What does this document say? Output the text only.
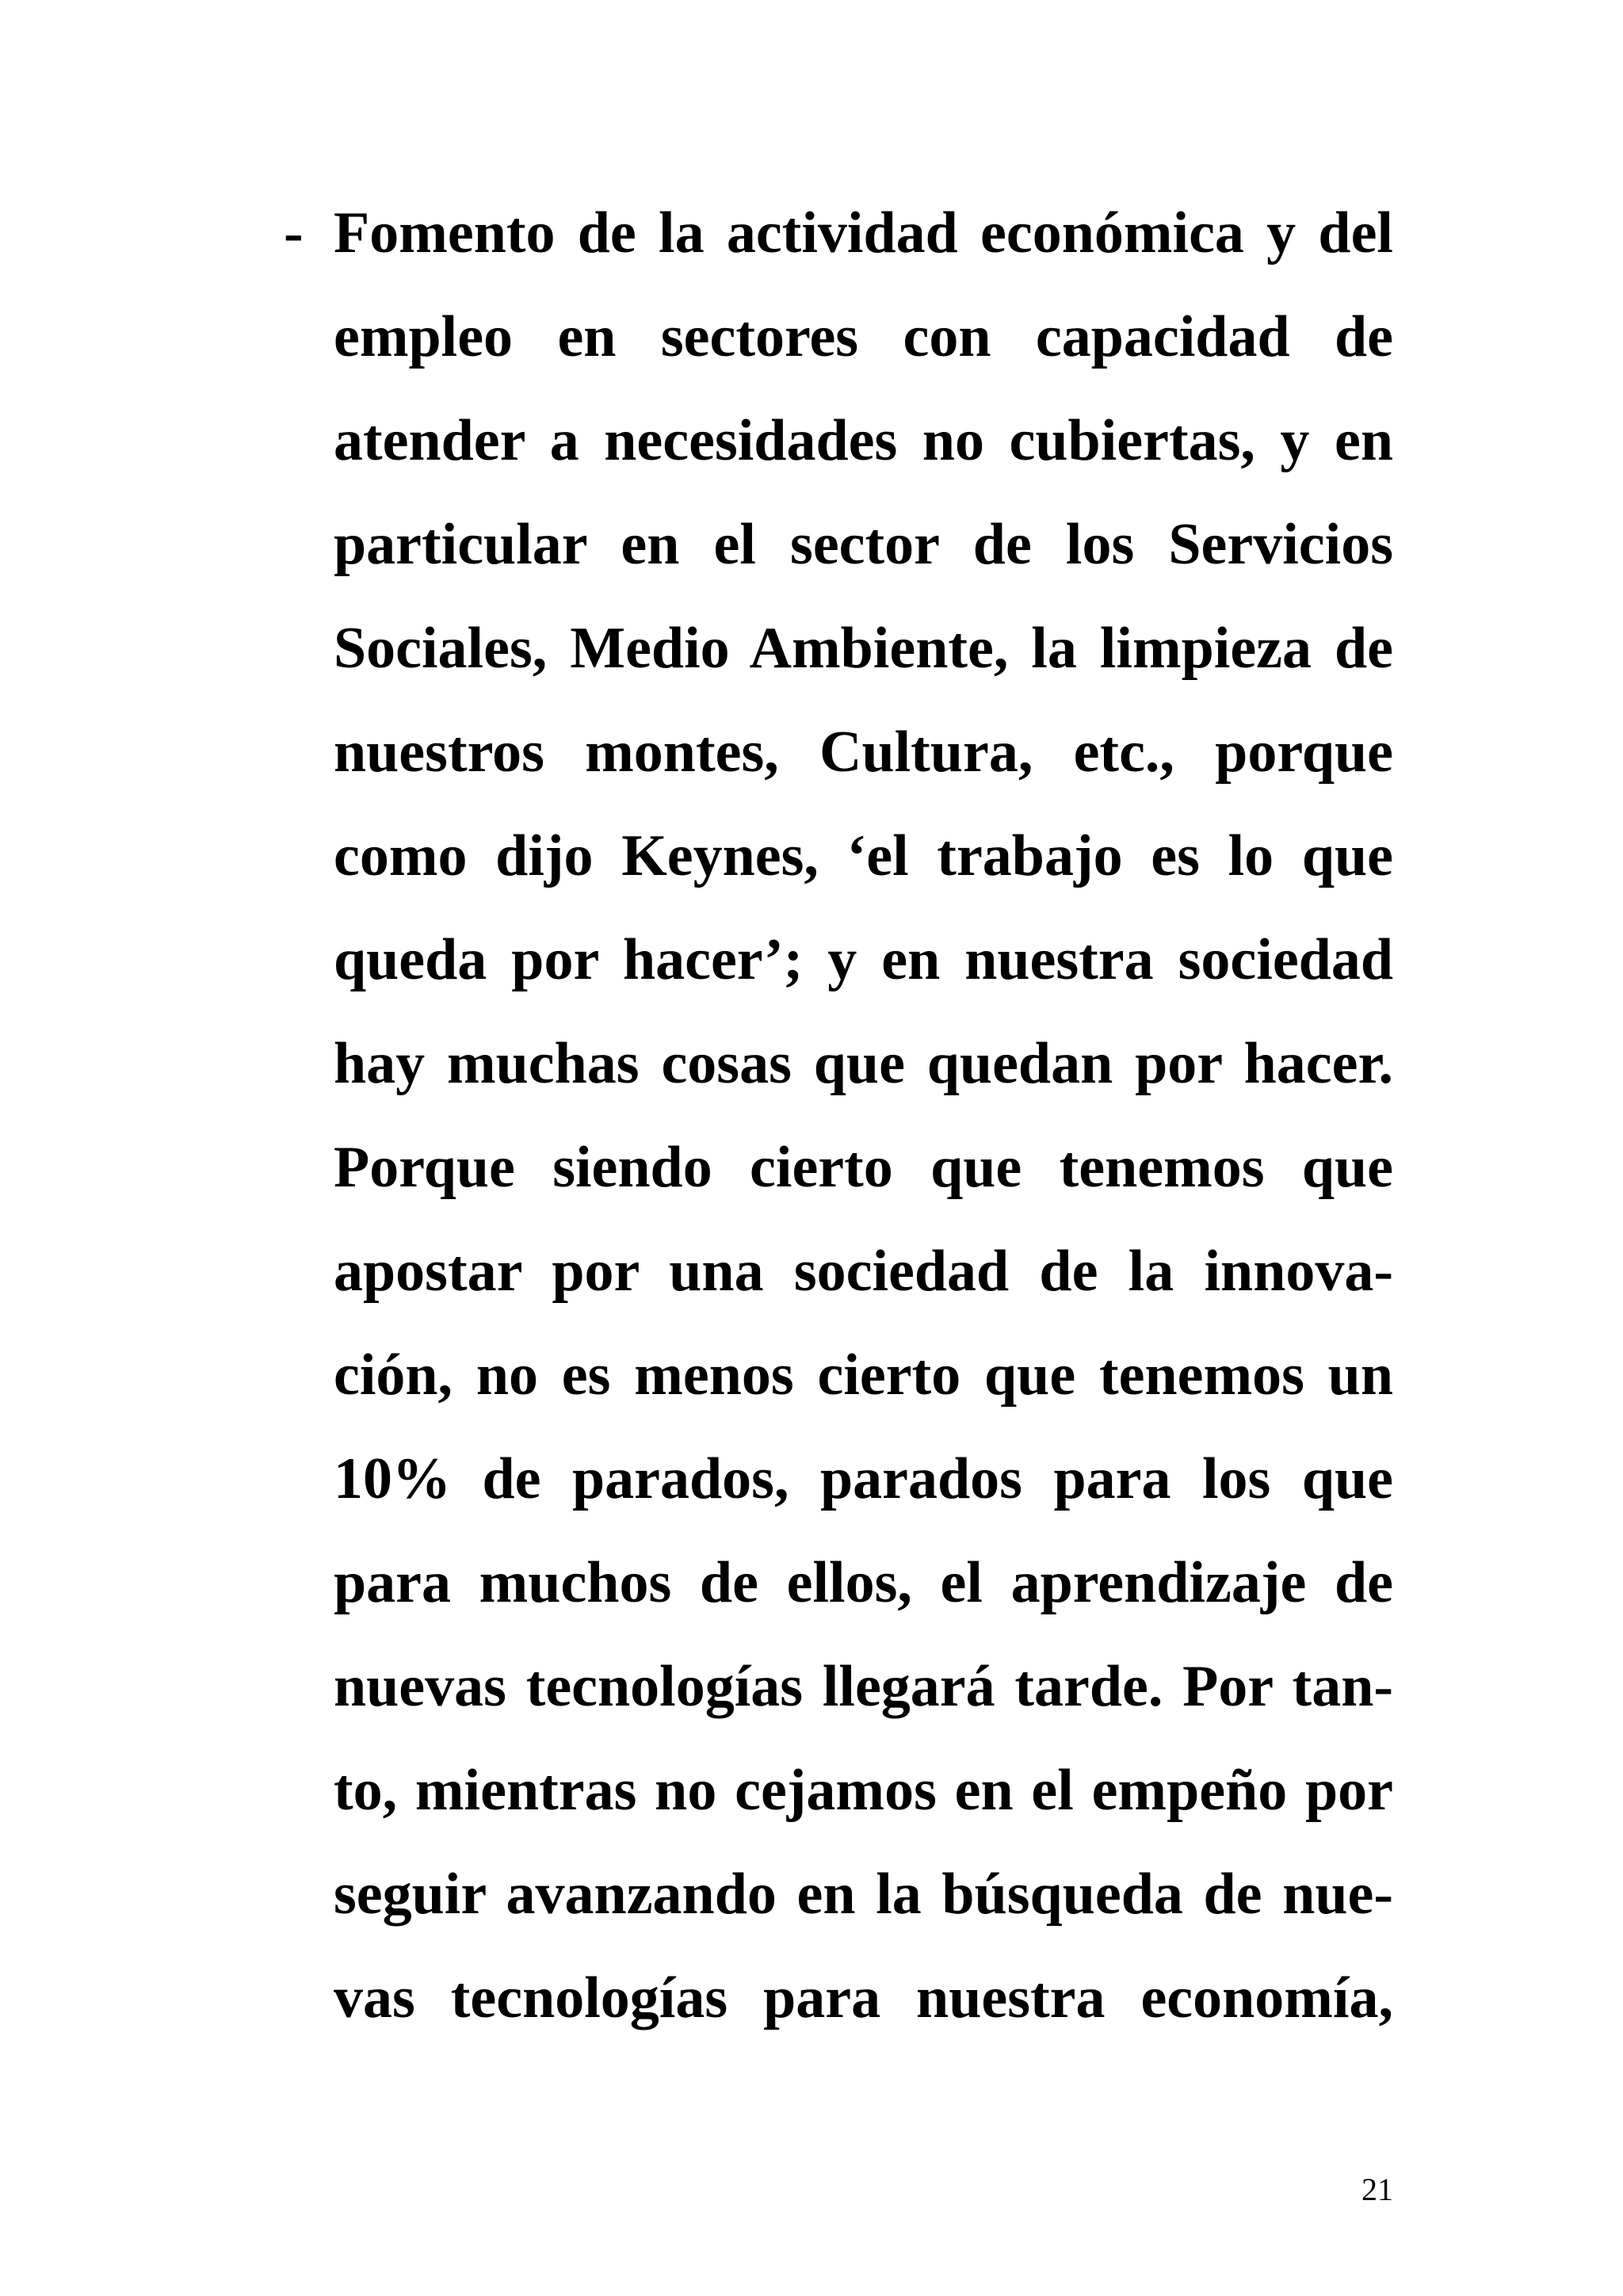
- Fomento de la actividad económica y del
empleo en sectores con capacidad de
atender a necesidades no cubiertas, y en
particular en el sector de los Servicios
Sociales, Medio Ambiente, la limpieza de
nuestros montes, Cultura, etc., porque
como dijo Keynes, ‘el trabajo es lo que
queda por hacer’; y en nuestra sociedad
hay muchas cosas que quedan por hacer.
Porque siendo cierto que tenemos que
apostar por una sociedad de la innova-
ción, no es menos cierto que tenemos un
10% de parados, parados para los que
para muchos de ellos, el aprendizaje de
nuevas tecnologías llegará tarde. Por tan-
to, mientras no cejamos en el empeño por
seguir avanzando en la búsqueda de nue-
vas tecnologías para nuestra economía,
21
